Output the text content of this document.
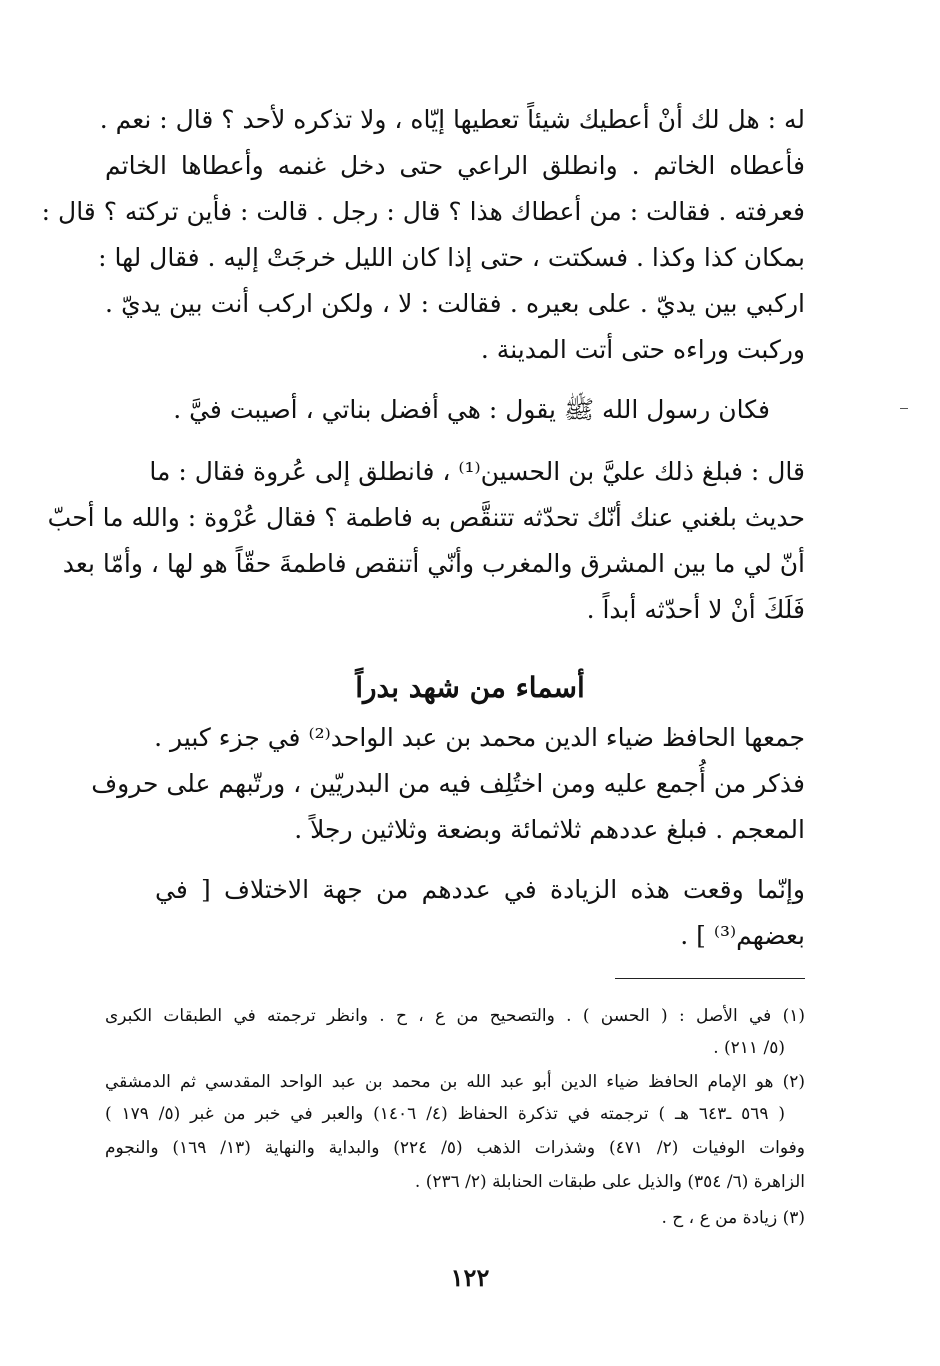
له : هل لك أنْ أعطيك شيئاً تعطيها إيّاه ، ولا تذكره لأحد ؟ قال : نعم .
فأعطاه الخاتم . وانطلق الراعي حتى دخل غنمه وأعطاها الخاتم
فعرفته . فقالت : من أعطاك هذا ؟ قال : رجل . قالت : فأين تركته ؟ قال :
بمكان كذا وكذا . فسكتت ، حتى إذا كان الليل خرجَتْ إليه . فقال لها :
اركبي بين يديّ . على بعيره . فقالت : لا ، ولكن اركب أنت بين يديّ .
وركبت وراءه حتى أتت المدينة .
فكان رسول الله ﷺ يقول : هي أفضل بناتي ، أصيبت فيَّ .
قال : فبلغ ذلك عليَّ بن الحسين⁽¹⁾ ، فانطلق إلى عُروة فقال : ما
حديث بلغني عنك أنّك تحدّثه تتنقَّص به فاطمة ؟ فقال عُرْوة : والله ما أحبّ
أنّ لي ما بين المشرق والمغرب وأنّي أتنقص فاطمةَ حقّاً هو لها ، وأمّا بعد
فَلَكَ أنْ لا أحدّثه أبداً .
أسماء من شهد بدراً
جمعها الحافظ ضياء الدين محمد بن عبد الواحد⁽²⁾ في جزء كبير .
فذكر من أُجمع عليه ومن اختُلِف فيه من البدريّين ، ورتّبهم على حروف
المعجم . فبلغ عددهم ثلاثمائة وبضعة وثلاثين رجلاً .
وإنّما وقعت هذه الزيادة في عددهم من جهة الاختلاف [ في
بعضهم⁽³⁾ ] .
(١) في الأصل : ( الحسن ) . والتصحيح من ع ، ح . وانظر ترجمته في الطبقات الكبرى
(٥/ ٢١١) .
(٢) هو الإمام الحافظ ضياء الدين أبو عبد الله بن محمد بن عبد الواحد المقدسي ثم الدمشقي
( ٥٦٩ ـ٦٤٣ هـ ) ترجمته في تذكرة الحفاظ (٤/ ١٤٠٦) والعبر في خبر من غبر (٥/ ١٧٩ )
وفوات الوفيات (٢/ ٤٧١) وشذرات الذهب (٥/ ٢٢٤) والبداية والنهاية (١٣/ ١٦٩) والنجوم
الزاهرة (٦/ ٣٥٤) والذيل على طبقات الحنابلة (٢/ ٢٣٦) .
(٣) زيادة من ع ، ح .
١٢٢
